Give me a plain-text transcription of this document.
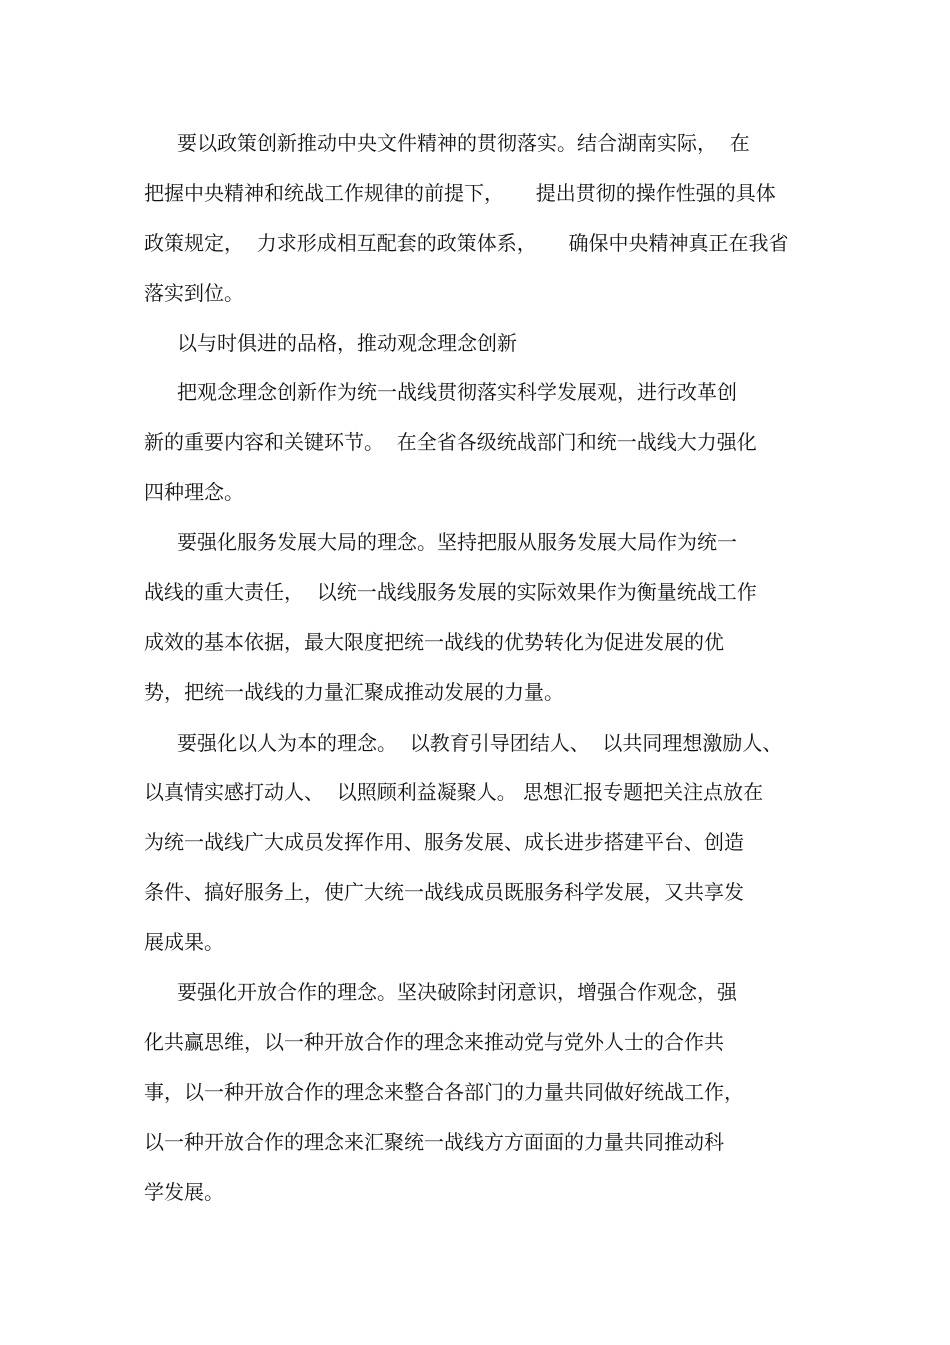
要以政策创新推动中央文件精神的贯彻落实。结合湖南实际，  在

把握中央精神和统战工作规律的前提下，     提出贯彻的操作性强的具体

政策规定，  力求形成相互配套的政策体系，     确保中央精神真正在我省

落实到位。

以与时俱进的品格，推动观念理念创新

把观念理念创新作为统一战线贯彻落实科学发展观，进行改革创

新的重要内容和关键环节。  在全省各级统战部门和统一战线大力强化

四种理念。

要强化服务发展大局的理念。坚持把服从服务发展大局作为统一

战线的重大责任，  以统一战线服务发展的实际效果作为衡量统战工作

成效的基本依据，最大限度把统一战线的优势转化为促进发展的优

势，把统一战线的力量汇聚成推动发展的力量。

要强化以人为本的理念。  以教育引导团结人、  以共同理想激励人、

以真情实感打动人、  以照顾利益凝聚人。 思想汇报专题把关注点放在

为统一战线广大成员发挥作用、服务发展、成长进步搭建平台、创造

条件、搞好服务上，使广大统一战线成员既服务科学发展，又共享发

展成果。

要强化开放合作的理念。坚决破除封闭意识，增强合作观念，强

化共赢思维，以一种开放合作的理念来推动党与党外人士的合作共

事，以一种开放合作的理念来整合各部门的力量共同做好统战工作，

以一种开放合作的理念来汇聚统一战线方方面面的力量共同推动科

学发展。
